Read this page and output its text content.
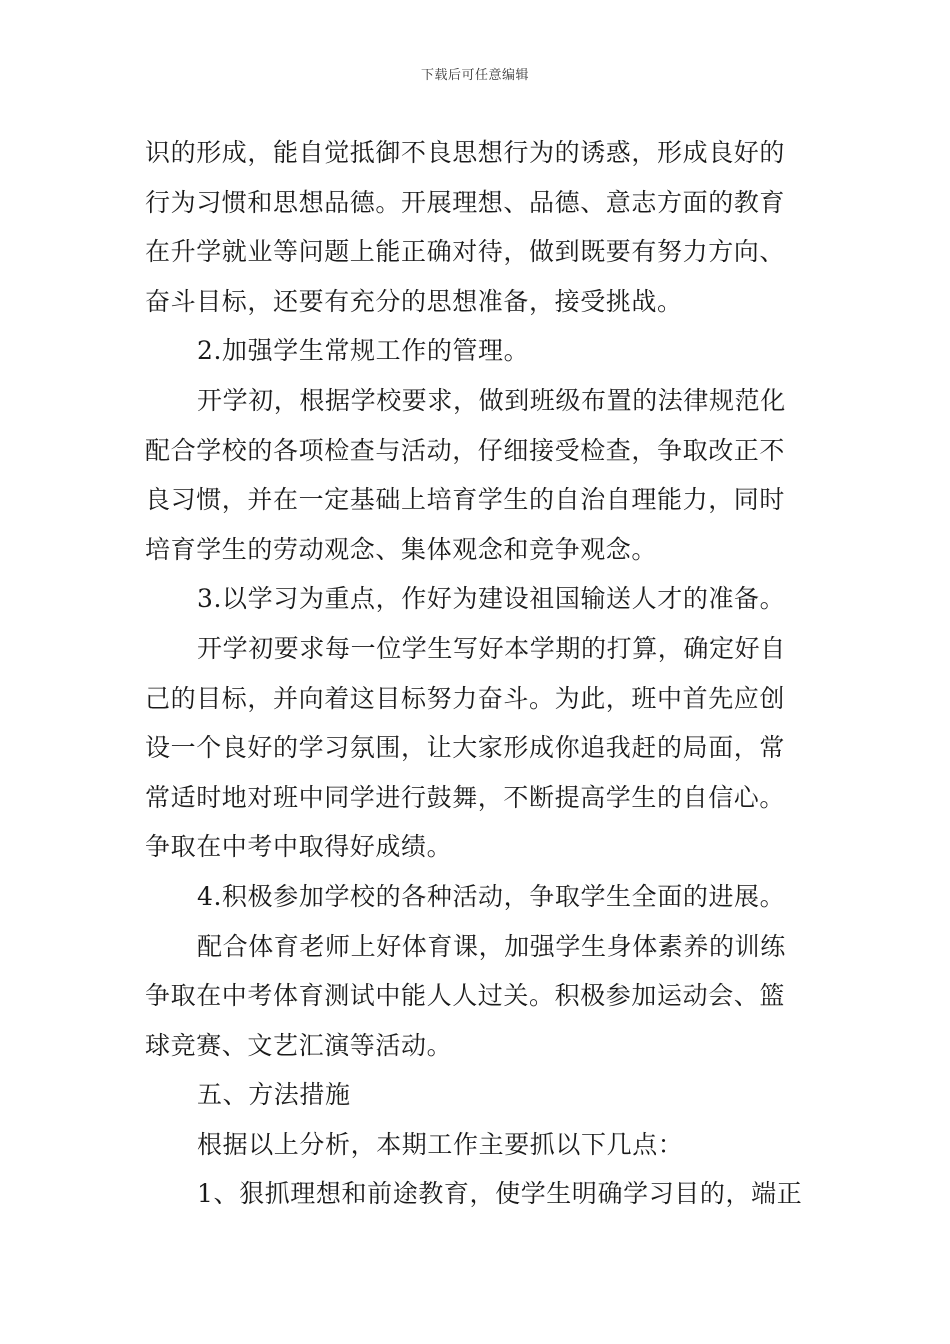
下载后可任意编辑
识的形成，能自觉抵御不良思想行为的诱惑，形成良好的
行为习惯和思想品德。开展理想、品德、意志方面的教育
在升学就业等问题上能正确对待，做到既要有努力方向、
奋斗目标，还要有充分的思想准备，接受挑战。
2.加强学生常规工作的管理。
开学初，根据学校要求，做到班级布置的法律规范化
配合学校的各项检查与活动，仔细接受检查，争取改正不
良习惯，并在一定基础上培育学生的自治自理能力，同时
培育学生的劳动观念、集体观念和竞争观念。
3.以学习为重点，作好为建设祖国输送人才的准备。
开学初要求每一位学生写好本学期的打算，确定好自
己的目标，并向着这目标努力奋斗。为此，班中首先应创
设一个良好的学习氛围，让大家形成你追我赶的局面，常
常适时地对班中同学进行鼓舞，不断提高学生的自信心。
争取在中考中取得好成绩。
4.积极参加学校的各种活动，争取学生全面的进展。
配合体育老师上好体育课，加强学生身体素养的训练
争取在中考体育测试中能人人过关。积极参加运动会、篮
球竞赛、文艺汇演等活动。
五、方法措施
根据以上分析，本期工作主要抓以下几点：
1、狠抓理想和前途教育，使学生明确学习目的，端正
